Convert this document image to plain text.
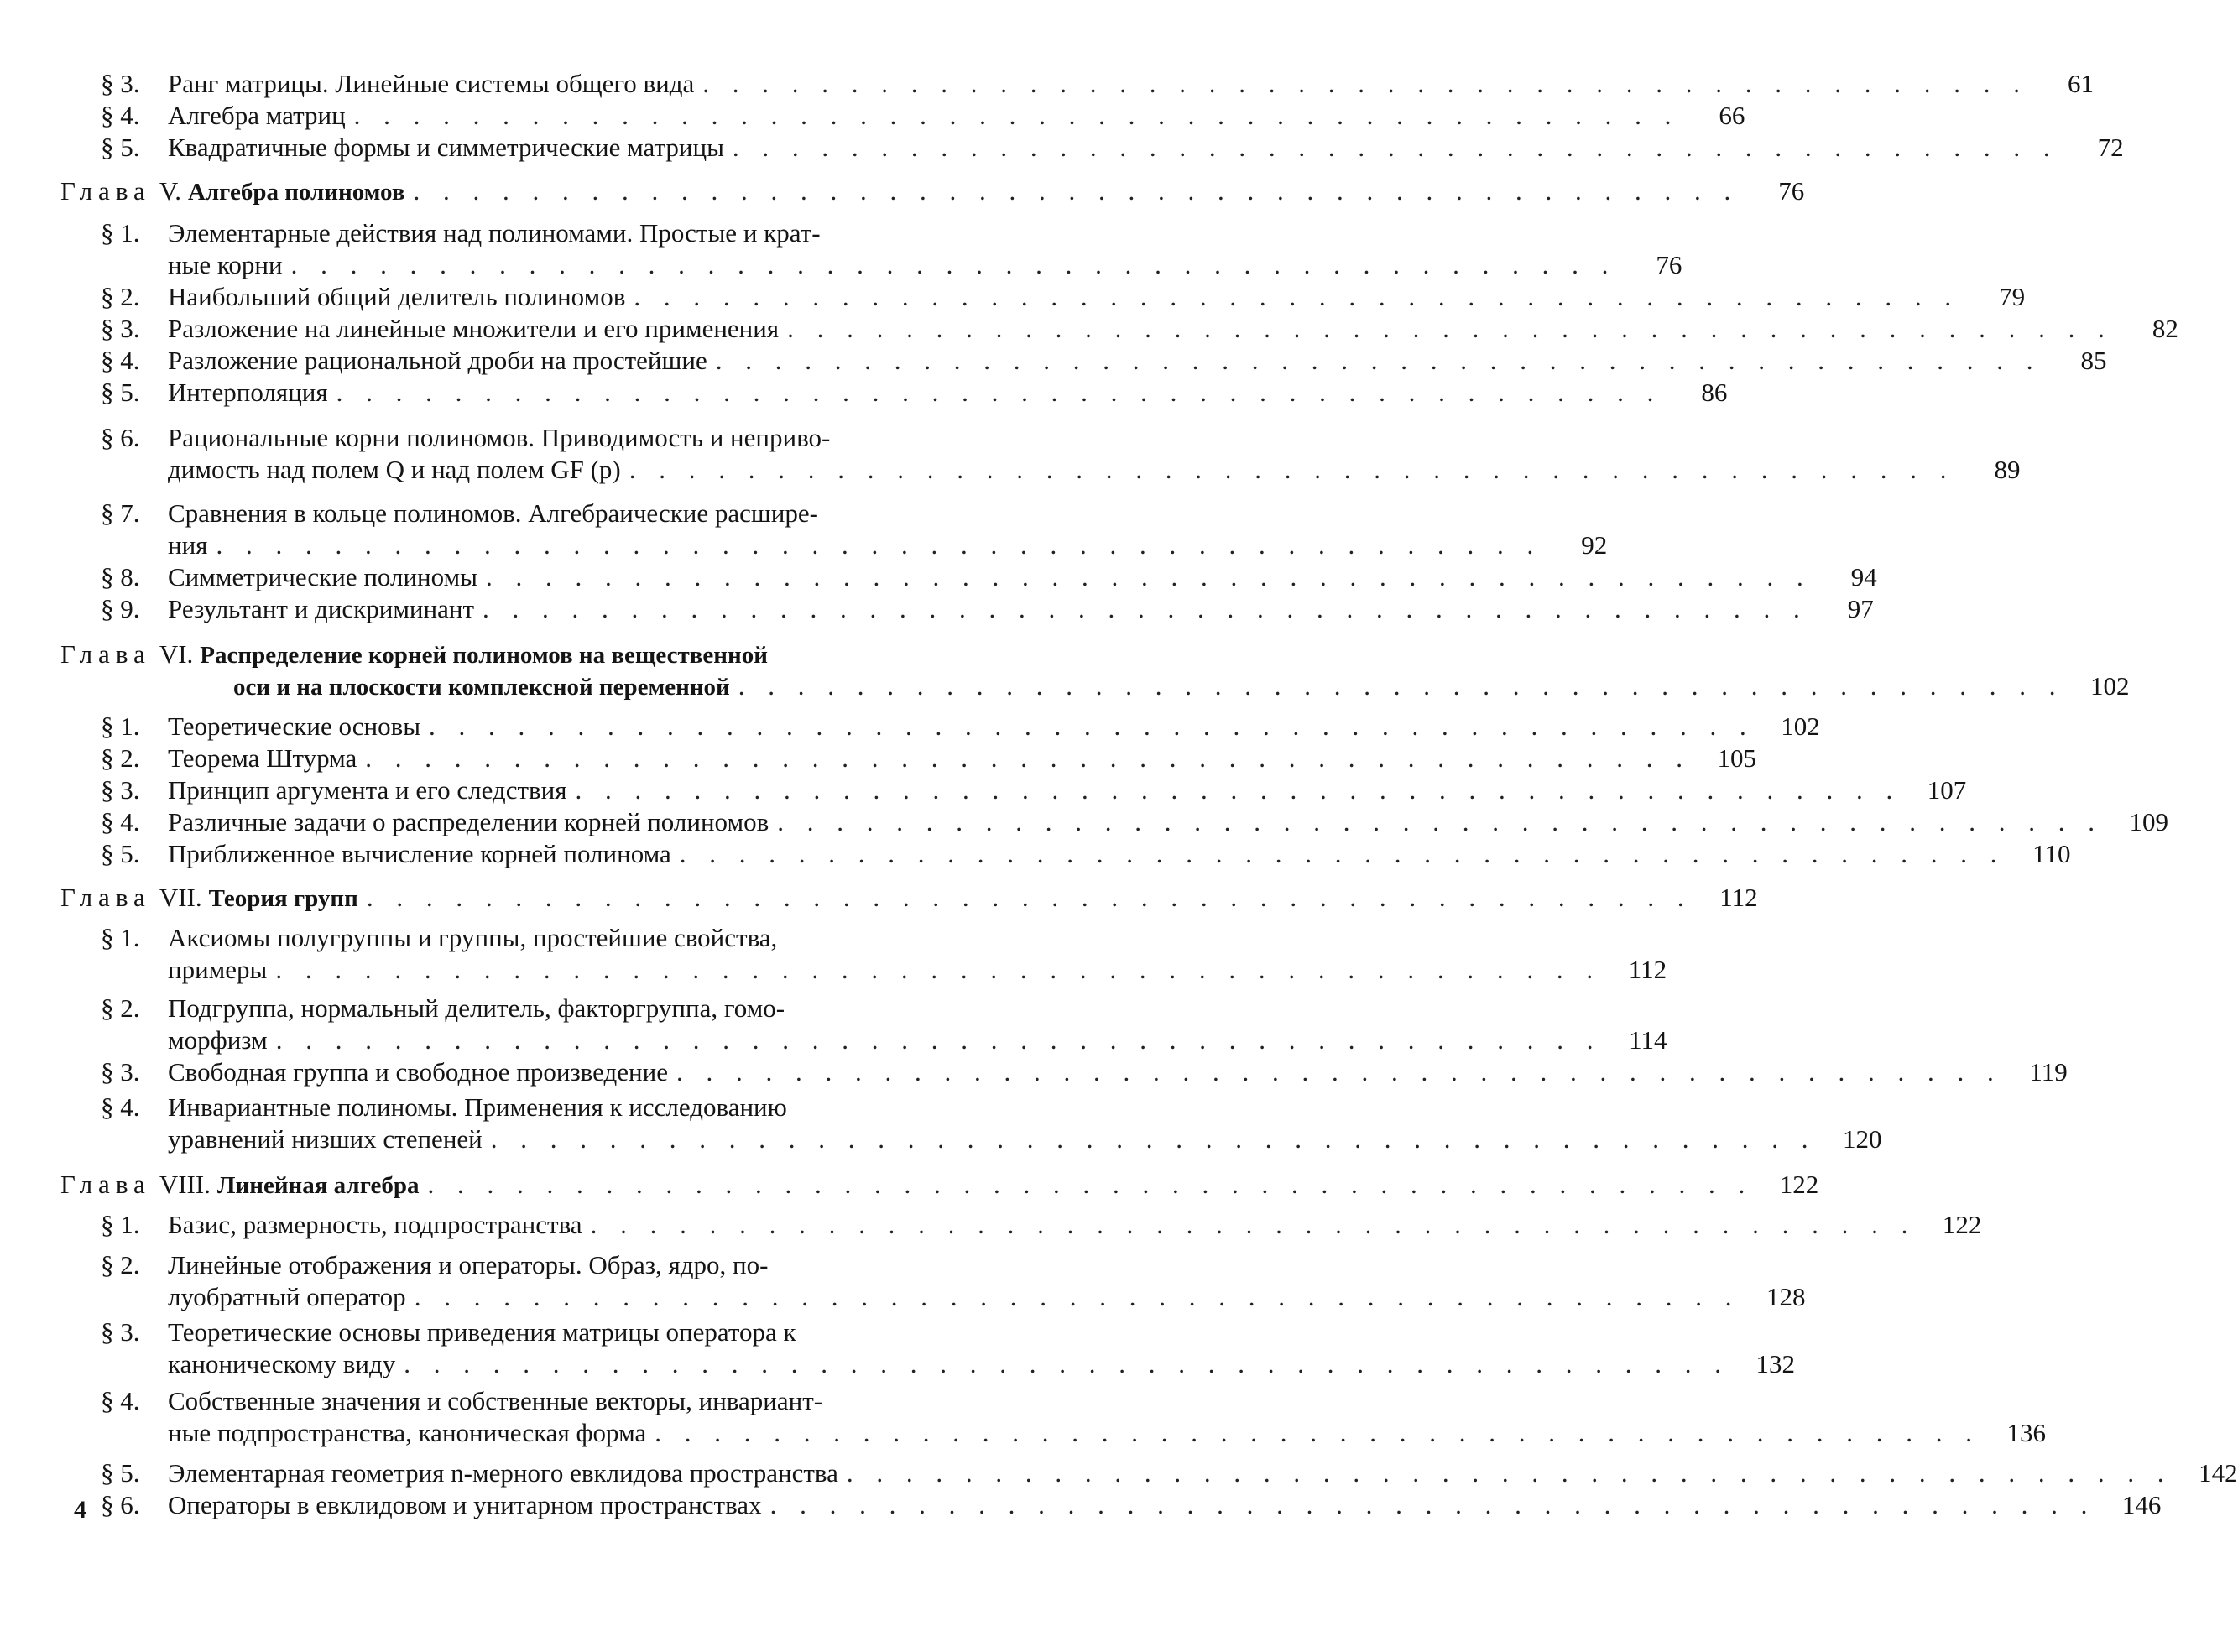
§ 3.	Ранг матрицы. Линейные системы общего вида . . . . . . . . . . . . . . . . . . . . . . . . . . . . . . . . . . . . . . . . . . . . .	61
§ 4.	Алгебра матриц . . . . . . . . . . . . . . . . . . . . . . . . . . . . . . . . . . . . . . . . . . . . .	66
§ 5.	Квадратичные формы и симметрические матрицы . . . . . . . . . . . . . . . . . . . . . . . . . . . . . . . . . . . . . . . . . . . . .	72
Глава V. Алгебра полиномов . . . . . . . . . . . . . . . . . . . . . . . . . . . . . . . . . . . . . . . . . . . . .	76
§ 1.	Элементарные действия над полиномами. Простые и крат-
ные корни . . . . . . . . . . . . . . . . . . . . . . . . . . . . . . . . . . . . . . . . . . . . .	76
§ 2.	Наибольший общий делитель полиномов . . . . . . . . . . . . . . . . . . . . . . . . . . . . . . . . . . . . . . . . . . . . .	79
§ 3.	Разложение на линейные множители и его применения . . . . . . . . . . . . . . . . . . . . . . . . . . . . . . . . . . . . . . . . . . . . .	82
§ 4.	Разложение рациональной дроби на простейшие . . . . . . . . . . . . . . . . . . . . . . . . . . . . . . . . . . . . . . . . . . . . .	85
§ 5.	Интерполяция . . . . . . . . . . . . . . . . . . . . . . . . . . . . . . . . . . . . . . . . . . . . .	86
§ 6.	Рациональные корни полиномов. Приводимость и неприво-
димость над полем Q и над полем GF (p) . . . . . . . . . . . . . . . . . . . . . . . . . . . . . . . . . . . . . . . . . . . . .	89
§ 7.	Сравнения в кольце полиномов. Алгебраические расшире-
ния . . . . . . . . . . . . . . . . . . . . . . . . . . . . . . . . . . . . . . . . . . . . .	92
§ 8.	Симметрические полиномы . . . . . . . . . . . . . . . . . . . . . . . . . . . . . . . . . . . . . . . . . . . . .	94
§ 9.	Результант и дискриминант . . . . . . . . . . . . . . . . . . . . . . . . . . . . . . . . . . . . . . . . . . . . .	97
Глава VI. Распределение корней полиномов на вещественной
оси и на плоскости комплексной переменной . . . . . . . . . . . . . . . . . . . . . . . . . . . . . . . . . . . . . . . . . . . . .	102
§ 1.	Теоретические основы . . . . . . . . . . . . . . . . . . . . . . . . . . . . . . . . . . . . . . . . . . . . .	102
§ 2.	Теорема Штурма . . . . . . . . . . . . . . . . . . . . . . . . . . . . . . . . . . . . . . . . . . . . .	105
§ 3.	Принцип аргумента и его следствия . . . . . . . . . . . . . . . . . . . . . . . . . . . . . . . . . . . . . . . . . . . . .	107
§ 4.	Различные задачи о распределении корней полиномов . . . . . . . . . . . . . . . . . . . . . . . . . . . . . . . . . . . . . . . . . . . . .	109
§ 5.	Приближенное вычисление корней полинома . . . . . . . . . . . . . . . . . . . . . . . . . . . . . . . . . . . . . . . . . . . . .	110
Глава VII. Теория групп . . . . . . . . . . . . . . . . . . . . . . . . . . . . . . . . . . . . . . . . . . . . .	112
§ 1.	Аксиомы полугруппы и группы, простейшие свойства,
примеры . . . . . . . . . . . . . . . . . . . . . . . . . . . . . . . . . . . . . . . . . . . . .	112
§ 2.	Подгруппа, нормальный делитель, факторгруппа, гомо-
морфизм . . . . . . . . . . . . . . . . . . . . . . . . . . . . . . . . . . . . . . . . . . . . .	114
§ 3.	Свободная группа и свободное произведение . . . . . . . . . . . . . . . . . . . . . . . . . . . . . . . . . . . . . . . . . . . . .	119
§ 4.	Инвариантные полиномы. Применения к исследованию
уравнений низших степеней . . . . . . . . . . . . . . . . . . . . . . . . . . . . . . . . . . . . . . . . . . . . .	120
Глава VIII. Линейная алгебра . . . . . . . . . . . . . . . . . . . . . . . . . . . . . . . . . . . . . . . . . . . . .	122
§ 1.	Базис, размерность, подпространства . . . . . . . . . . . . . . . . . . . . . . . . . . . . . . . . . . . . . . . . . . . . .	122
§ 2.	Линейные отображения и операторы. Образ, ядро, по-
луобратный оператор . . . . . . . . . . . . . . . . . . . . . . . . . . . . . . . . . . . . . . . . . . . . .	128
§ 3.	Теоретические основы приведения матрицы оператора к
каноническому виду . . . . . . . . . . . . . . . . . . . . . . . . . . . . . . . . . . . . . . . . . . . . .	132
§ 4.	Собственные значения и собственные векторы, инвариант-
ные подпространства, каноническая форма . . . . . . . . . . . . . . . . . . . . . . . . . . . . . . . . . . . . . . . . . . . . .	136
§ 5.	Элементарная геометрия n-мерного евклидова пространства . . . . . . . . . . . . . . . . . . . . . . . . . . . . . . . . . . . . . . . . . . . . .	142
§ 6.	Операторы в евклидовом и унитарном пространствах . . . . . . . . . . . . . . . . . . . . . . . . . . . . . . . . . . . . . . . . . . . . .	146
4
